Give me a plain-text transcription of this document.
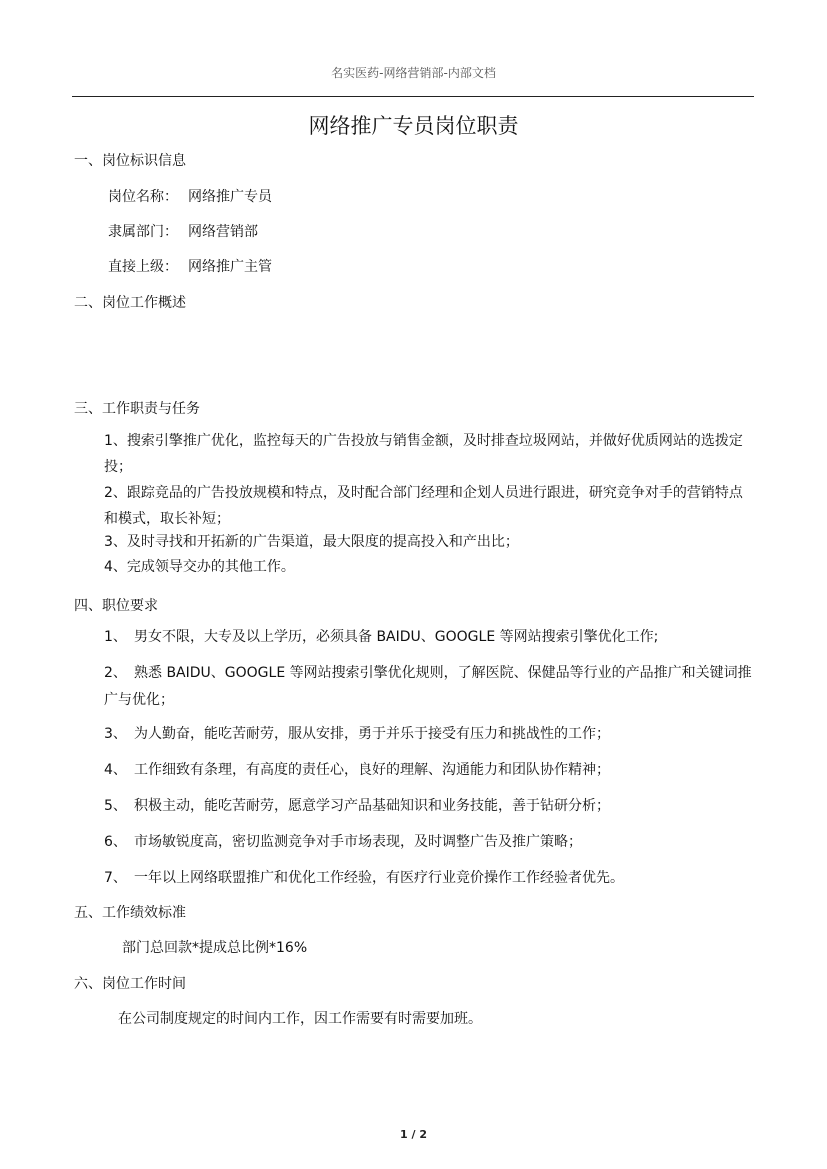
名实医药-网络营销部-内部文档
网络推广专员岗位职责
一、岗位标识信息
岗位名称： 网络推广专员
隶属部门： 网络营销部
直接上级： 网络推广主管
二、岗位工作概述
三、工作职责与任务
1、搜索引擎推广优化，监控每天的广告投放与销售金额，及时排查垃圾网站，并做好优质网站的选拨定投；
2、跟踪竞品的广告投放规模和特点，及时配合部门经理和企划人员进行跟进，研究竞争对手的营销特点和模式，取长补短；
3、及时寻找和开拓新的广告渠道，最大限度的提高投入和产出比；
4、完成领导交办的其他工作。
四、职位要求
1、 男女不限，大专及以上学历，必须具备 BAIDU、GOOGLE 等网站搜索引擎优化工作;
2、 熟悉 BAIDU、GOOGLE 等网站搜索引擎优化规则，了解医院、保健品等行业的产品推广和关键词推广与优化；
3、 为人勤奋，能吃苦耐劳，服从安排，勇于并乐于接受有压力和挑战性的工作；
4、 工作细致有条理，有高度的责任心，良好的理解、沟通能力和团队协作精神；
5、 积极主动，能吃苦耐劳，愿意学习产品基础知识和业务技能，善于钻研分析；
6、 市场敏锐度高，密切监测竞争对手市场表现，及时调整广告及推广策略；
7、 一年以上网络联盟推广和优化工作经验，有医疗行业竞价操作工作经验者优先。
五、工作绩效标准
部门总回款*提成总比例*16%
六、岗位工作时间
在公司制度规定的时间内工作，因工作需要有时需要加班。
1 / 2
